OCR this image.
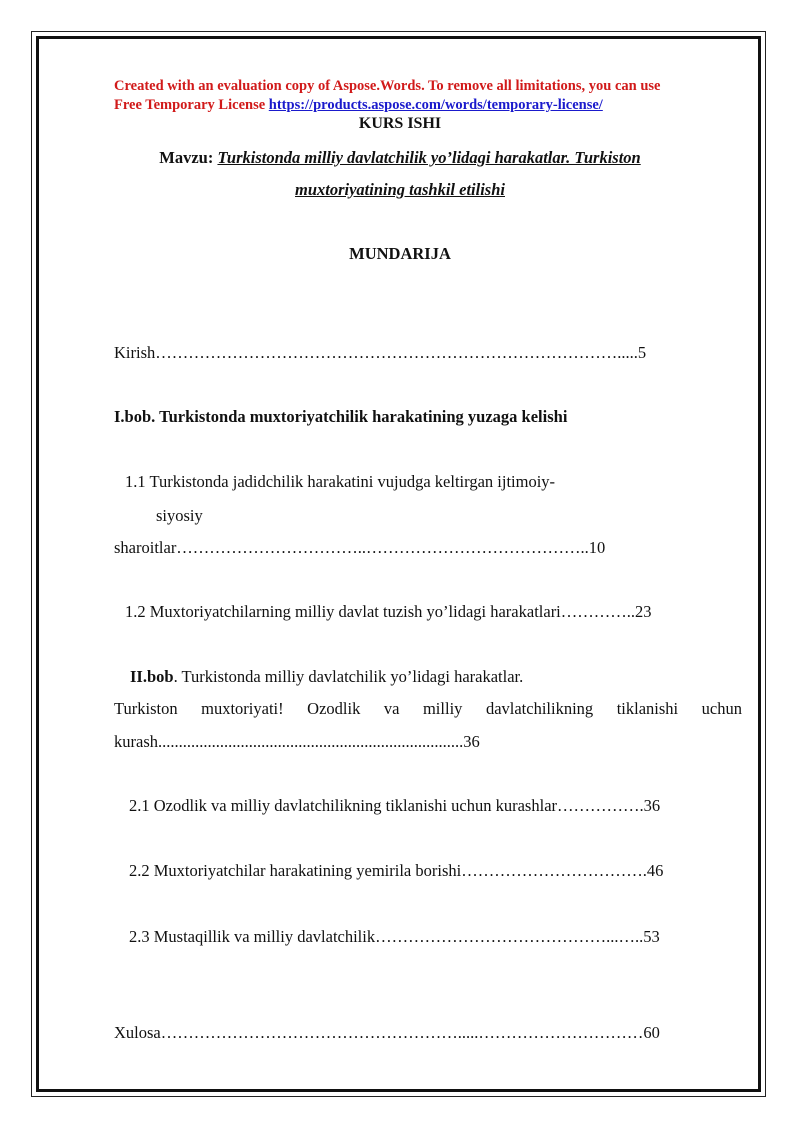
Created with an evaluation copy of Aspose.Words. To remove all limitations, you can use
Free Temporary License https://products.aspose.com/words/temporary-license/
KURS ISHI
Mavzu: Turkistonda milliy davlatchilik yo’lidagi harakatlar. Turkiston
muxtoriyatining tashkil etilishi
MUNDARIJA
Kirish………………………………………………………………………….....5
I.bob. Turkistonda muxtoriyatchilik harakatining yuzaga kelishi
1.1 Turkistonda jadidchilik harakatini vujudga keltirgan ijtimoiy-
siyosiy
sharoitlar……………………………..…………………………………..10
1.2 Muxtoriyatchilarning milliy davlat tuzish yo’lidagi harakatlari…………..23
II.bob. Turkistonda milliy davlatchilik yo’lidagi harakatlar.
Turkiston muxtoriyati! Ozodlik va milliy davlatchilikning tiklanishi uchun
kurash..........................................................................36
2.1 Ozodlik va milliy davlatchilikning tiklanishi uchun kurashlar…………….36
2.2 Muxtoriyatchilar harakatining yemirila borishi…………………………….46
2.3 Mustaqillik va milliy davlatchilik……………………………………...…..53
Xulosa……………………………………………….....…………………………60
